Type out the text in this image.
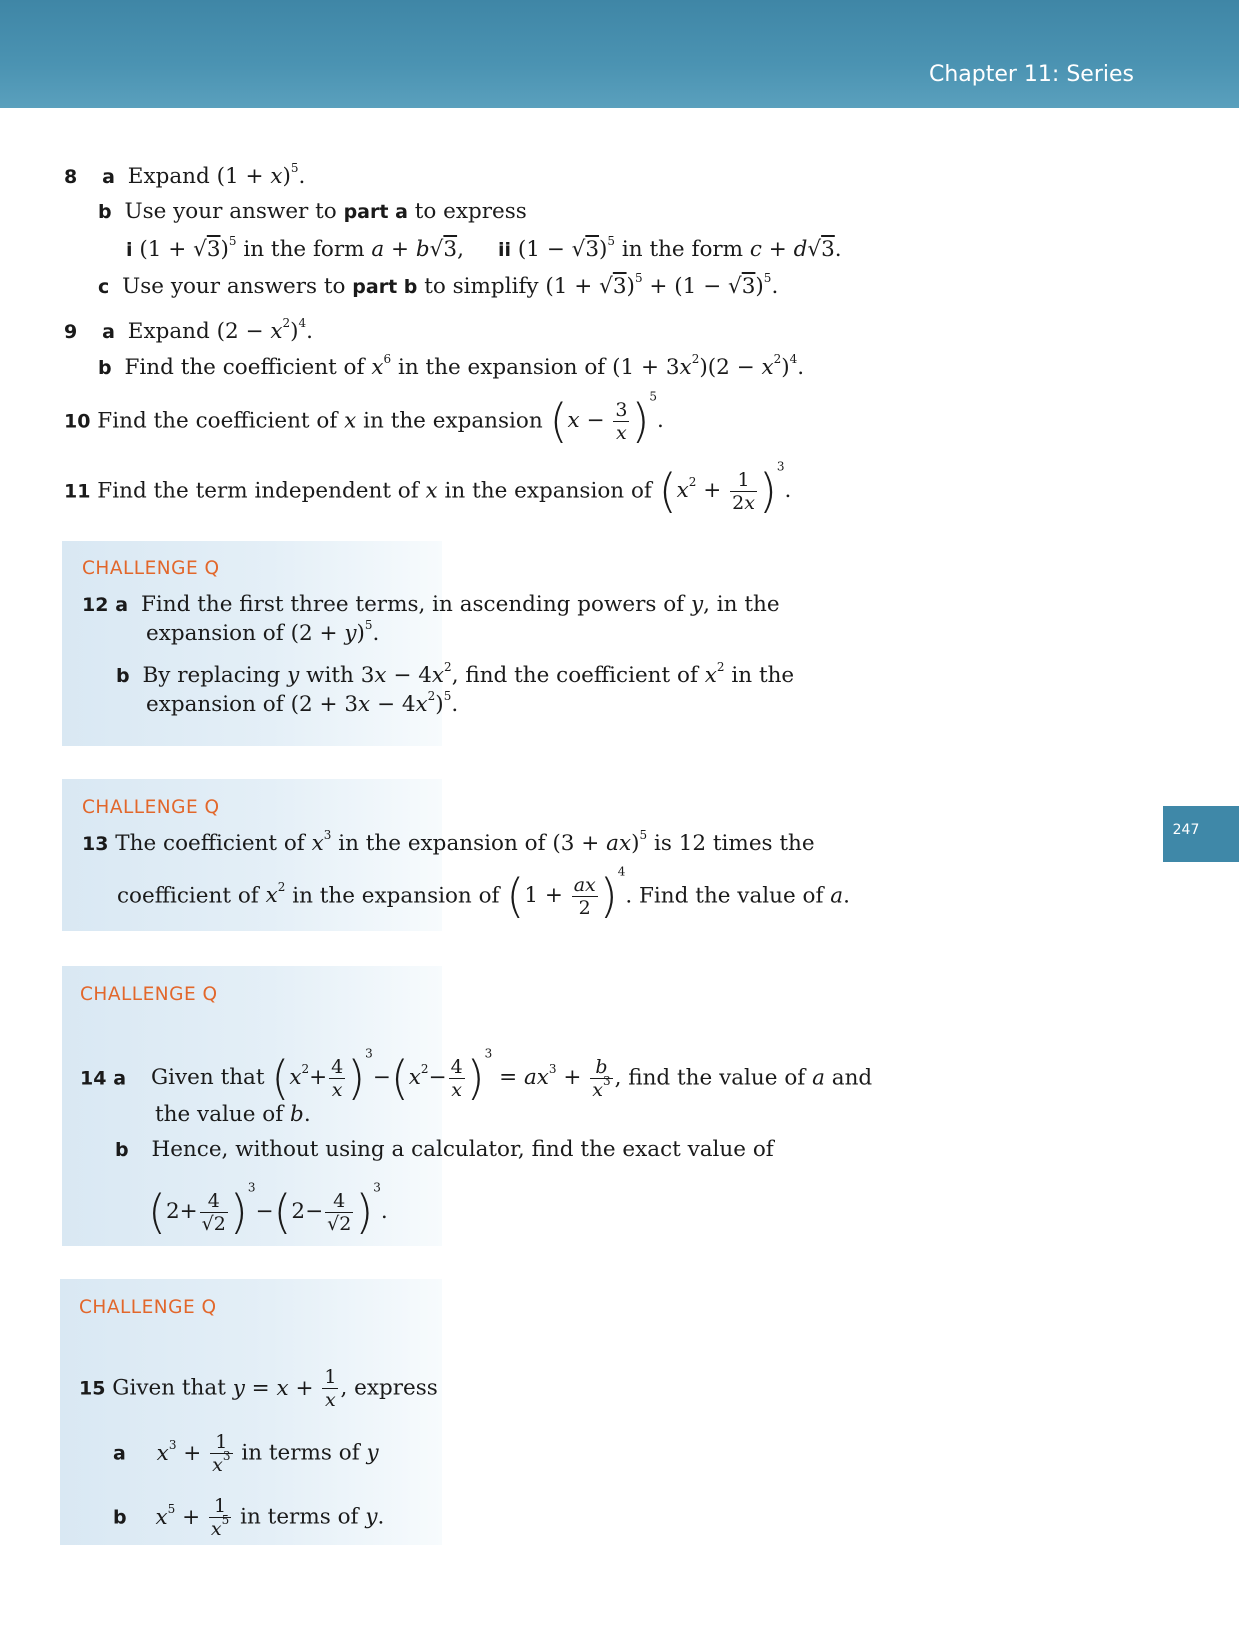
Chapter 11: Series
247
8 a Expand $(1 + x)^5$.
b Use your answer to part a to express
i $(1 + √3)^5$ in the form a + b√3, ii $(1 - √3)^5$ in the form c + d√3.
c Use your answers to part b to simplify $(1 + √3)^5 + (1 - √3)^5$.
9 a Expand $(2 - x^2)^4$.
b Find the coefficient of $x^6$ in the expansion of $(1 + 3x^2)(2 - x^2)^4$.
10 Find the coefficient of x in the expansion $(x - \frac{3}{x} )^5$.
11 Find the term independent of x in the expansion of $(x^2 + \frac{1}{2x} )^3$.
CHALLENGE Q
12 a Find the first three terms, in ascending powers of y, in the
expansion of $(2 + y)^5$.
b By replacing y with $3x - 4x^2$, find the coefficient of $x^2$ in the
expansion of $(2 + 3x - 4x^2)^5$.
CHALLENGE Q
13 The coefficient of $x^3$ in the expansion of (3 + ax)$^5$ is 12 times the
coefficient of $x^2$ in the expansion of $(1 + \frac{ax}{2} )^4$. Find the value of a.
CHALLENGE Q
14 a Given that $(x^2+ \frac{4}{x} )^3-(x^2- \frac{4}{x} )^3 = ax^3 + \frac{b}{x^3}$ , find the value of a and
the value of b.
b Hence, without using a calculator, find the exact value of
$(2+ \frac{4}{√2} )^3-(2- \frac{4}{√2} )^3$.
CHALLENGE Q
15 Given that $y = x + \frac{1}{x}$ , express
a $x^3 + \frac{1}{x^3}$ in terms of y
b $x^5 + \frac{1}{x^5}$ in terms of y.
